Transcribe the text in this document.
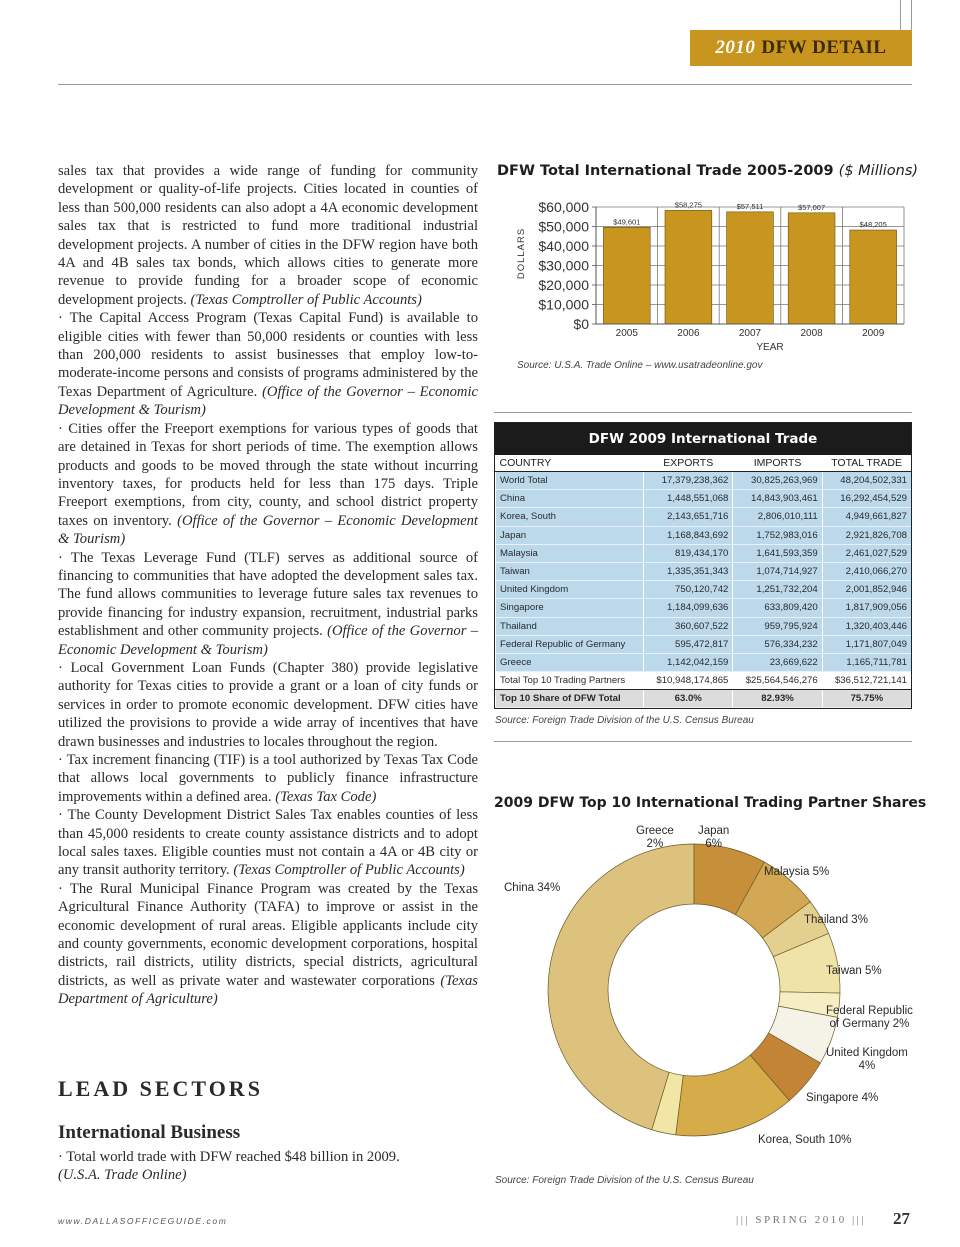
2010 DFW DETAIL

sales tax that provides a wide range of funding for community development or quality-of-life projects. Cities located in counties of less than 500,000 residents can also adopt a 4A economic development sales tax that is restricted to fund more traditional industrial development projects. A number of cities in the DFW region have both 4A and 4B sales tax bonds, which allows cities to generate more revenue to provide funding for a broader scope of economic development projects. (Texas Comptroller of Public Accounts)

· The Capital Access Program (Texas Capital Fund) is available to eligible cities with fewer than 50,000 residents or counties with less than 200,000 residents to assist businesses that employ low-to-moderate-income persons and consists of programs administered by the Texas Department of Agriculture. (Office of the Governor – Economic Development & Tourism)

· Cities offer the Freeport exemptions for various types of goods that are detained in Texas for short periods of time. The exemption allows products and goods to be moved through the state without incurring inventory taxes, for products held for less than 175 days. Triple Freeport exemptions, from city, county, and school district property taxes on inventory. (Office of the Governor – Economic Development & Tourism)

· The Texas Leverage Fund (TLF) serves as additional source of financing to communities that have adopted the development sales tax. The fund allows communities to leverage future sales tax revenues to provide financing for industry expansion, recruitment, industrial parks establishment and other community projects. (Office of the Governor – Economic Development & Tourism)

· Local Government Loan Funds (Chapter 380) provide legislative authority for Texas cities to provide a grant or a loan of city funds or services in order to promote economic development. DFW cities have utilized the provisions to provide a wide array of incentives that have drawn businesses and industries to locales throughout the region.

· Tax increment financing (TIF) is a tool authorized by Texas Tax Code that allows local governments to publicly finance infrastructure improvements within a defined area. (Texas Tax Code)

· The County Development District Sales Tax enables counties of less than 45,000 residents to create county assistance districts and to adopt local sales taxes. Eligible counties must not contain a 4A or 4B city or any transit authority territory. (Texas Comptroller of Public Accounts)

· The Rural Municipal Finance Program was created by the Texas Agricultural Finance Authority (TAFA) to improve or assist in the economic development of rural areas. Eligible applicants include city and county governments, economic development corporations, hospital districts, rail districts, utility districts, special districts, agricultural districts, as well as private water and wastewater corporations (Texas Department of Agriculture)

LEAD SECTORS
International Business
· Total world trade with DFW reached $48 billion in 2009.
(U.S.A. Trade Online)
DFW Total International Trade 2005-2009 ($ Millions)
$49,601
$58,275	$57,511	$57,007
$48,205
$0
$10,000
$20,000
$30,000
$40,000
$50,000
$60,000
2005	2006	2007	2008	2009
YEAR
DOLLARS
Source: U.S.A. Trade Online – www.usatradeonline.gov
DFW 2009 International Trade
COUNTRY	EXPORTS	IMPORTS	TOTAL TRADE
World Total	17,379,238,362	30,825,263,969	48,204,502,331
China	1,448,551,068	14,843,903,461	16,292,454,529
Korea, South	2,143,651,716	2,806,010,111	4,949,661,827
Japan	1,168,843,692	1,752,983,016	2,921,826,708
Malaysia	819,434,170	1,641,593,359	2,461,027,529
Taiwan	1,335,351,343	1,074,714,927	2,410,066,270
United Kingdom	750,120,742	1,251,732,204	2,001,852,946
Singapore	1,184,099,636	633,809,420	1,817,909,056
Thailand	360,607,522	959,795,924	1,320,403,446
Federal Republic of Germany	595,472,817	576,334,232	1,171,807,049
Greece	1,142,042,159	23,669,622	1,165,711,781
Total Top 10 Trading Partners	$10,948,174,865	$25,564,546,276	$36,512,721,141
Top 10 Share of DFW Total	63.0%	82.93%	75.75%
Source: Foreign Trade Division of the U.S. Census Bureau
2009 DFW Top 10 International Trading Partner Shares
Greece
2%
Japan
6%
Malaysia 5%
China 34%
Thailand 3%
Taiwan 5%
Federal Republic
of Germany 2%
United Kingdom
4%
Singapore 4%
Korea, South 10%
Source: Foreign Trade Division of the U.S. Census Bureau
www.DALLASOFFICEGUIDE.com	||| SPRING 2010 ||| 27
